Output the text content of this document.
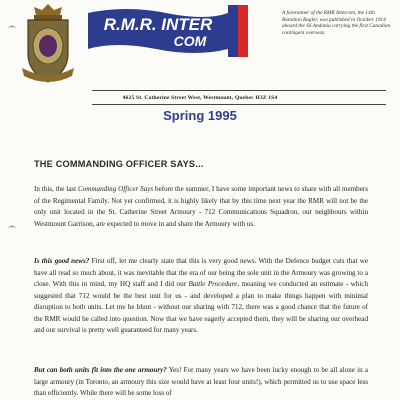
R.M.R. INTER
COM
A forerunner of the RMR Intercom, the 14th Battalion Bugler, was published in October 1914 aboard the SS Andania carrying the first Canadian contingent overseas.
4625 St. Catherine Street West, Westmount, Quebec H3Z 1S4
Spring 1995
THE COMMANDING OFFICER SAYS...

In this, the last Commanding Officer Says before the summer, I have some important news to share with all members of the Regimental Family. Not yet confirmed, it is highly likely that by this time next year the RMR will not be the only unit located in the St. Catherine Street Armoury - 712 Communications Squadron, our neighbours within Westmount Garrison, are expected to move in and share the Armoury with us.

Is this good news? First off, let me clearly state that this is very good news. With the Defence budget cuts that we have all read so much about, it was inevitable that the era of our being the sole unit in the Armoury was growing to a close. With this in mind, my HQ staff and I did our Battle Procedure, meaning we conducted an estimate - which suggested that 712 would be the best unit for us - and developed a plan to make things happen with minimal disruption to both units. Let me be blunt - without our sharing with 712, there was a good chance that the future of the RMR would be called into question. Now that we have eagerly accepted them, they will be sharing our overhead and our survival is pretty well guaranteed for many years.

But can both units fit into the one armoury? Yes! For many years we have been lucky enough to be all alone in a large armoury (in Toronto, an armoury this size would have at least four units!), which permitted us to use space less than efficiently. While there will be some loss of
